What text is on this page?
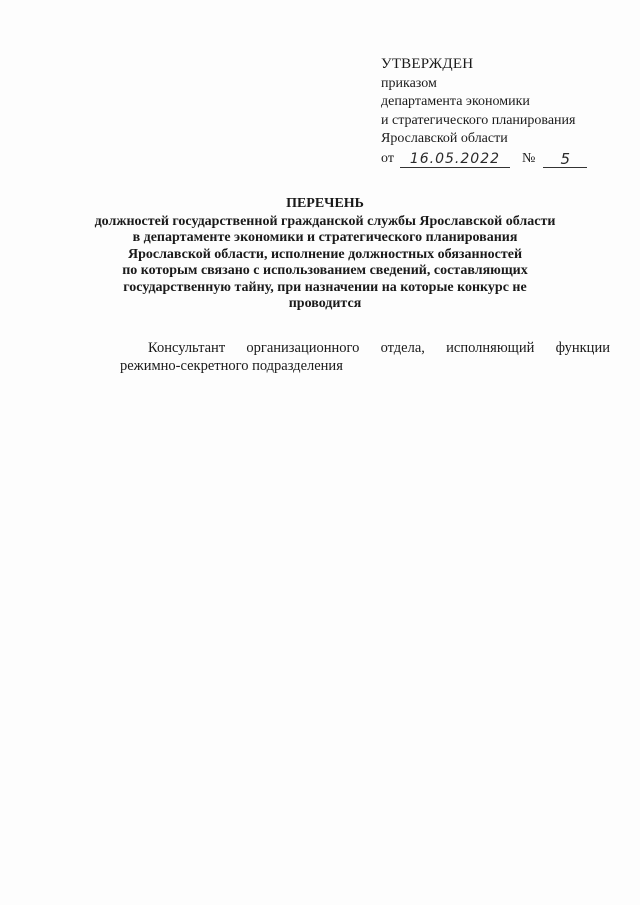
УТВЕРЖДЕН
приказом
департамента экономики
и стратегического планирования
Ярославской области
от	16.05.2022	№	5
ПЕРЕЧЕНЬ
должностей государственной гражданской службы Ярославской области
в департаменте экономики и стратегического планирования
Ярославской области, исполнение должностных обязанностей
по которым связано с использованием сведений, составляющих
государственную тайну, при назначении на которые конкурс не
проводится
Консультант организационного отдела, исполняющий функции
режимно-секретного подразделения
